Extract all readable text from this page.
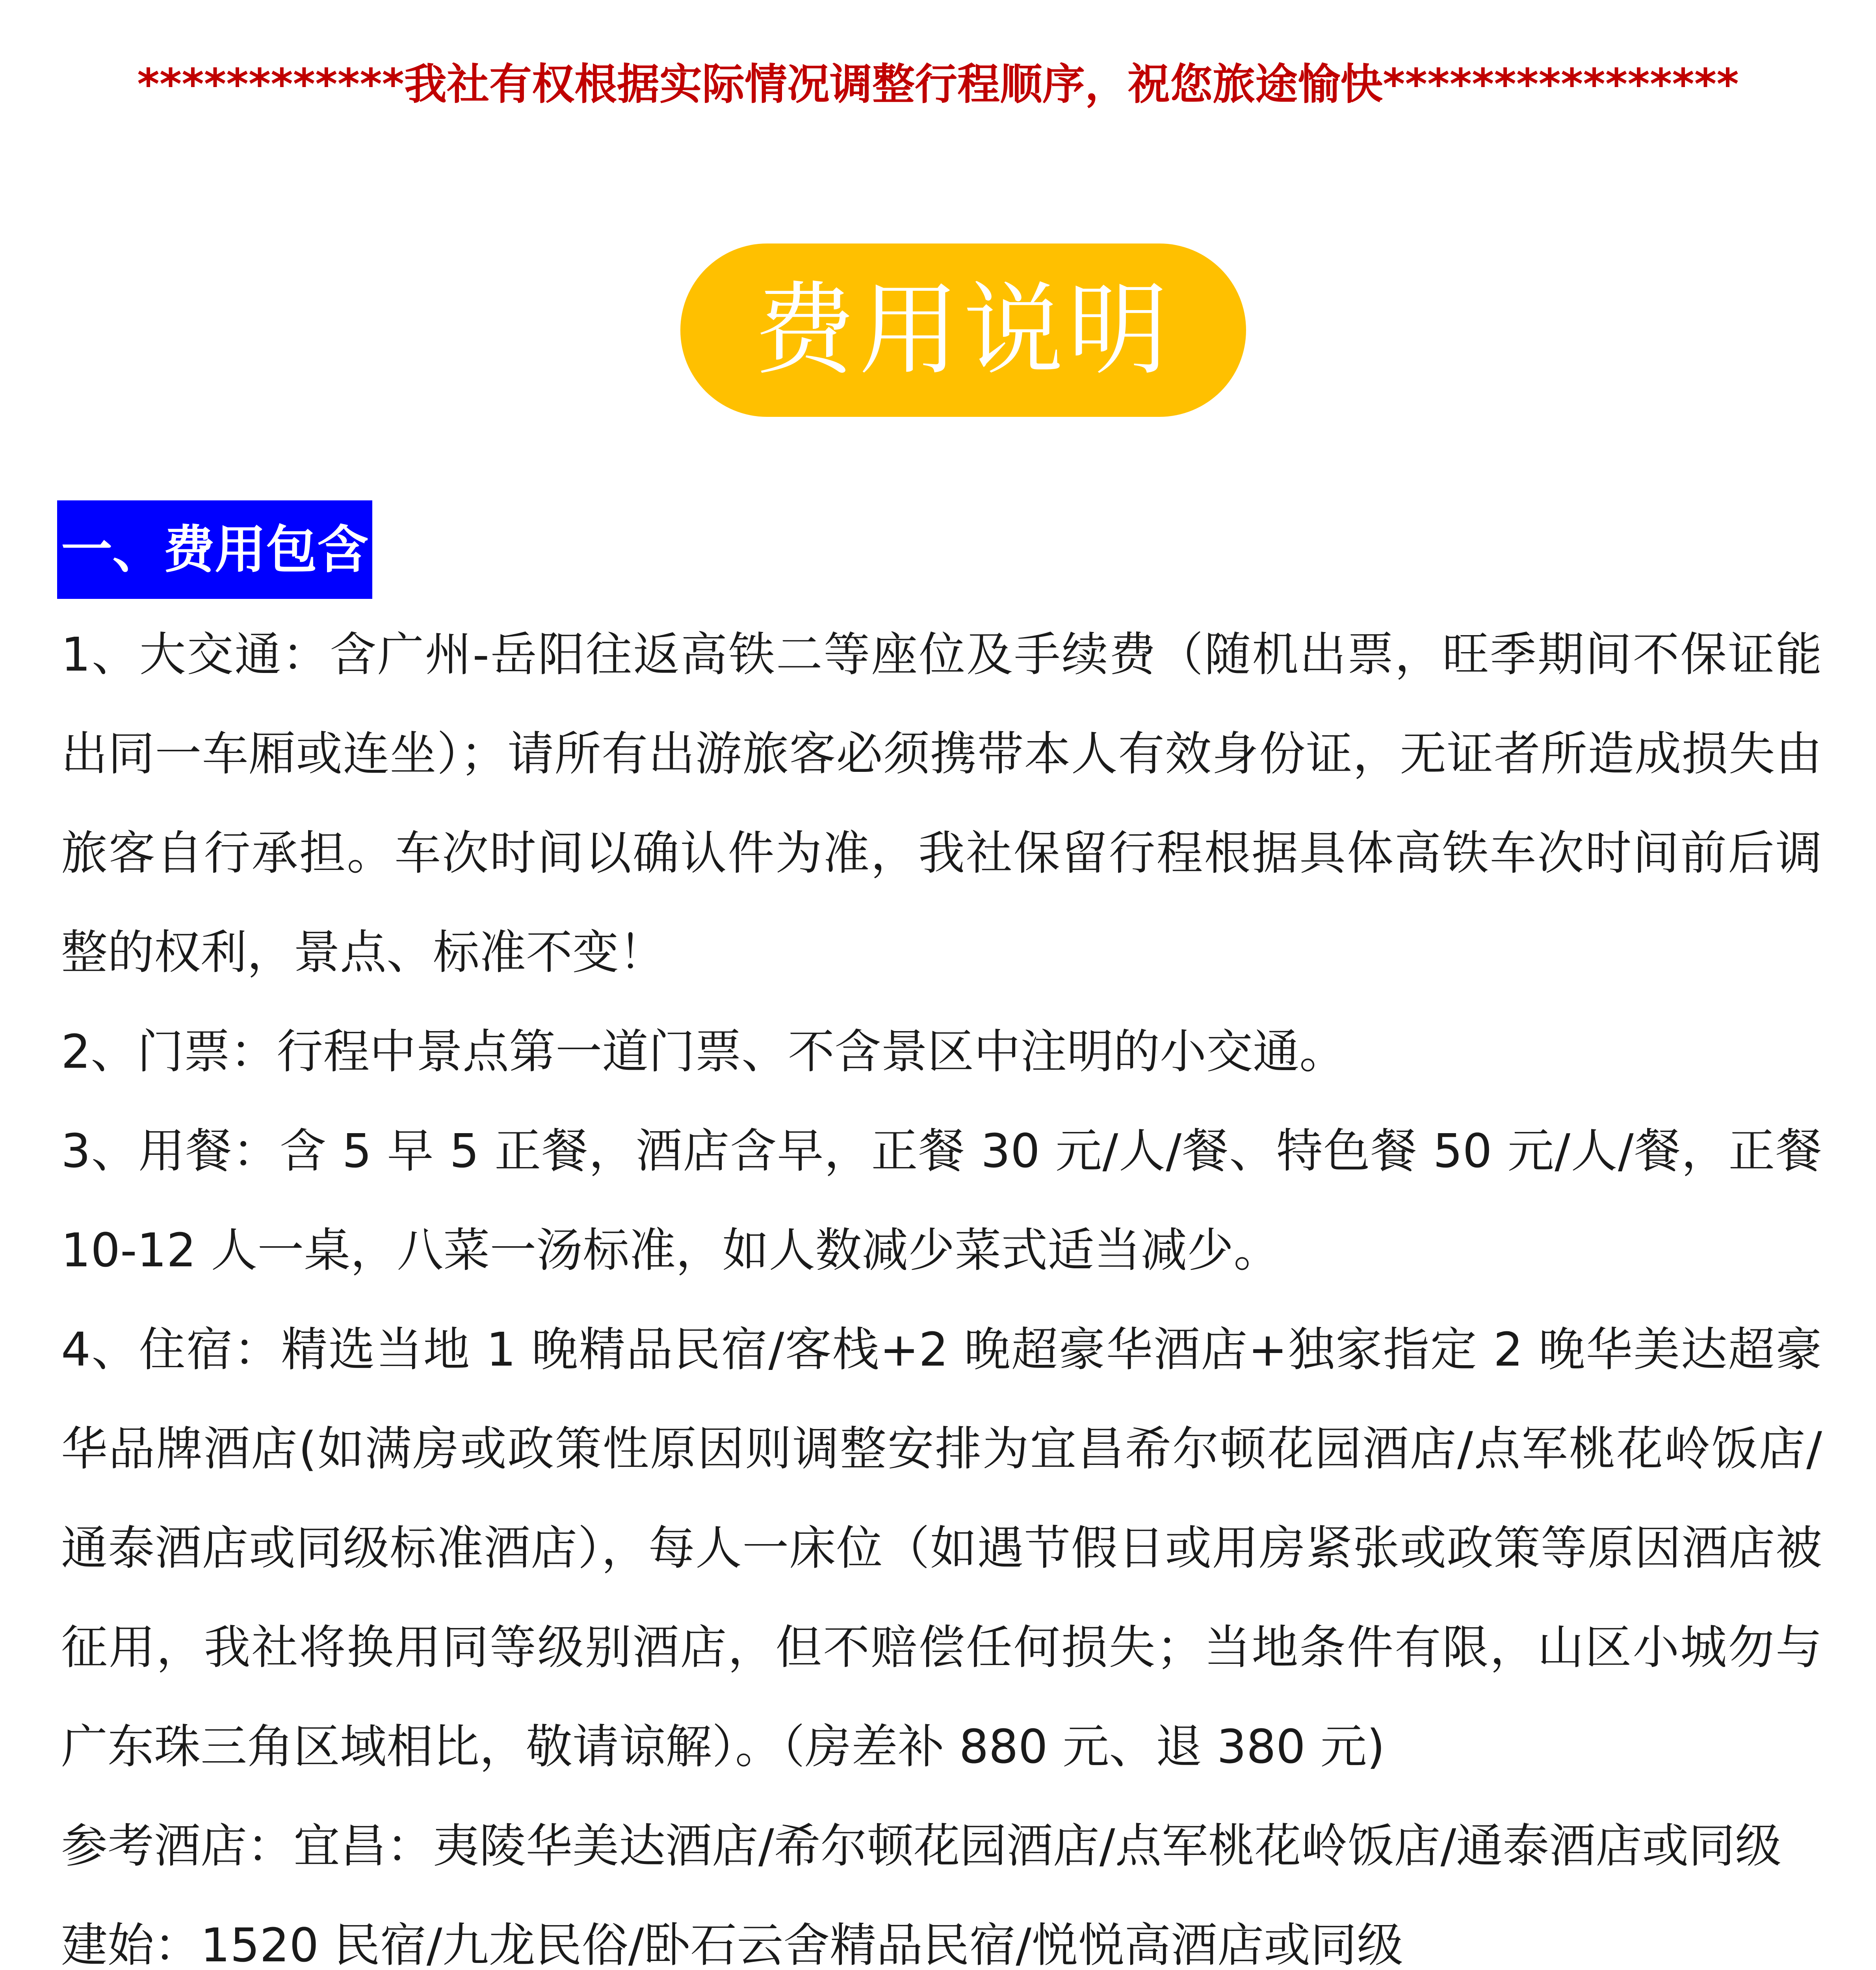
************我社有权根据实际情况调整行程顺序，祝您旅途愉快****************
费用说明
一、费用包含

1、大交通：含广州-岳阳往返高铁二等座位及手续费（随机出票，旺季期间不保证能出同一车厢或连坐）；请所有出游旅客必须携带本人有效身份证，无证者所造成损失由旅客自行承担。车次时间以确认件为准，我社保留行程根据具体高铁车次时间前后调整的权利，景点、标准不变！

2、门票：行程中景点第一道门票、不含景区中注明的小交通。

3、用餐：含 5 早 5 正餐，酒店含早，正餐 30 元/人/餐、特色餐 50 元/人/餐，正餐 10-12 人一桌，八菜一汤标准，如人数减少菜式适当减少。

4、住宿：精选当地 1 晚精品民宿/客栈+2 晚超豪华酒店+独家指定 2 晚华美达超豪华品牌酒店(如满房或政策性原因则调整安排为宜昌希尔顿花园酒店/点军桃花岭饭店/通泰酒店或同级标准酒店），每人一床位（如遇节假日或用房紧张或政策等原因酒店被征用，我社将换用同等级别酒店，但不赔偿任何损失；当地条件有限，山区小城勿与广东珠三角区域相比，敬请谅解）。（房差补 880 元、退 380 元)

参考酒店：宜昌：夷陵华美达酒店/希尔顿花园酒店/点军桃花岭饭店/通泰酒店或同级

建始：1520 民宿/九龙民俗/卧石云舍精品民宿/悦悦高酒店或同级
